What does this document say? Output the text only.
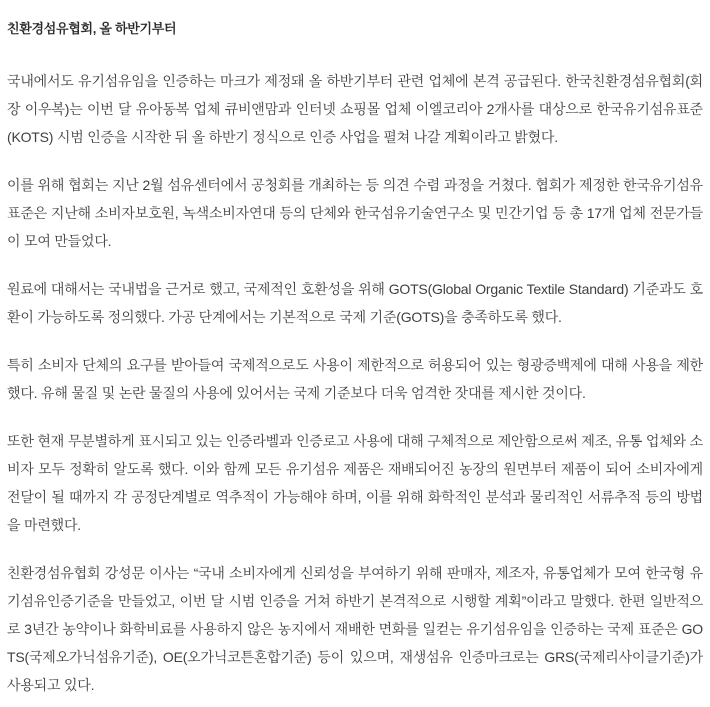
친환경섬유협회, 올 하반기부터

국내에서도 유기섬유임을 인증하는 마크가 제정돼 올 하반기부터 관련 업체에 본격 공급된다. 한국친환경섬유협회(회장 이우복)는 이번 달 유아동복 업체 큐비앤맘과 인터넷 쇼핑몰 업체 이엘코리아 2개사를 대상으로 한국유기섬유표준(KOTS) 시범 인증을 시작한 뒤 올 하반기 정식으로 인증 사업을 펼쳐 나갈 계획이라고 밝혔다.

이를 위해 협회는 지난 2월 섬유센터에서 공청회를 개최하는 등 의견 수렴 과정을 거쳤다. 협회가 제정한 한국유기섬유표준은 지난해 소비자보호원, 녹색소비자연대 등의 단체와 한국섬유기술연구소 및 민간기업 등 총 17개 업체 전문가들이 모여 만들었다.

원료에 대해서는 국내법을 근거로 했고, 국제적인 호환성을 위해 GOTS(Global Organic Textile Standard) 기준과도 호환이 가능하도록 정의했다. 가공 단계에서는 기본적으로 국제 기준(GOTS)을 충족하도록 했다.

특히 소비자 단체의 요구를 받아들여 국제적으로도 사용이 제한적으로 허용되어 있는 형광증백제에 대해 사용을 제한했다. 유해 물질 및 논란 물질의 사용에 있어서는 국제 기준보다 더욱 엄격한 잣대를 제시한 것이다.

또한 현재 무분별하게 표시되고 있는 인증라벨과 인증로고 사용에 대해 구체적으로 제안함으로써 제조, 유통 업체와 소비자 모두 정확히 알도록 했다. 이와 함께 모든 유기섬유 제품은 재배되어진 농장의 원면부터 제품이 되어 소비자에게 전달이 될 때까지 각 공정단계별로 역추적이 가능해야 하며, 이를 위해 화학적인 분석과 물리적인 서류추적 등의 방법을 마련했다.

친환경섬유협회 강성문 이사는 “국내 소비자에게 신뢰성을 부여하기 위해 판매자, 제조자, 유통업체가 모여 한국형 유기섬유인증기준을 만들었고, 이번 달 시범 인증을 거쳐 하반기 본격적으로 시행할 계획”이라고 말했다. 한편 일반적으로 3년간 농약이나 화학비료를 사용하지 않은 농지에서 재배한 면화를 일컫는 유기섬유임을 인증하는 국제 표준은 GOTS(국제오가닉섬유기준), OE(오가닉코튼혼합기준) 등이 있으며, 재생섬유 인증마크로는 GRS(국제리사이클기준)가 사용되고 있다.
